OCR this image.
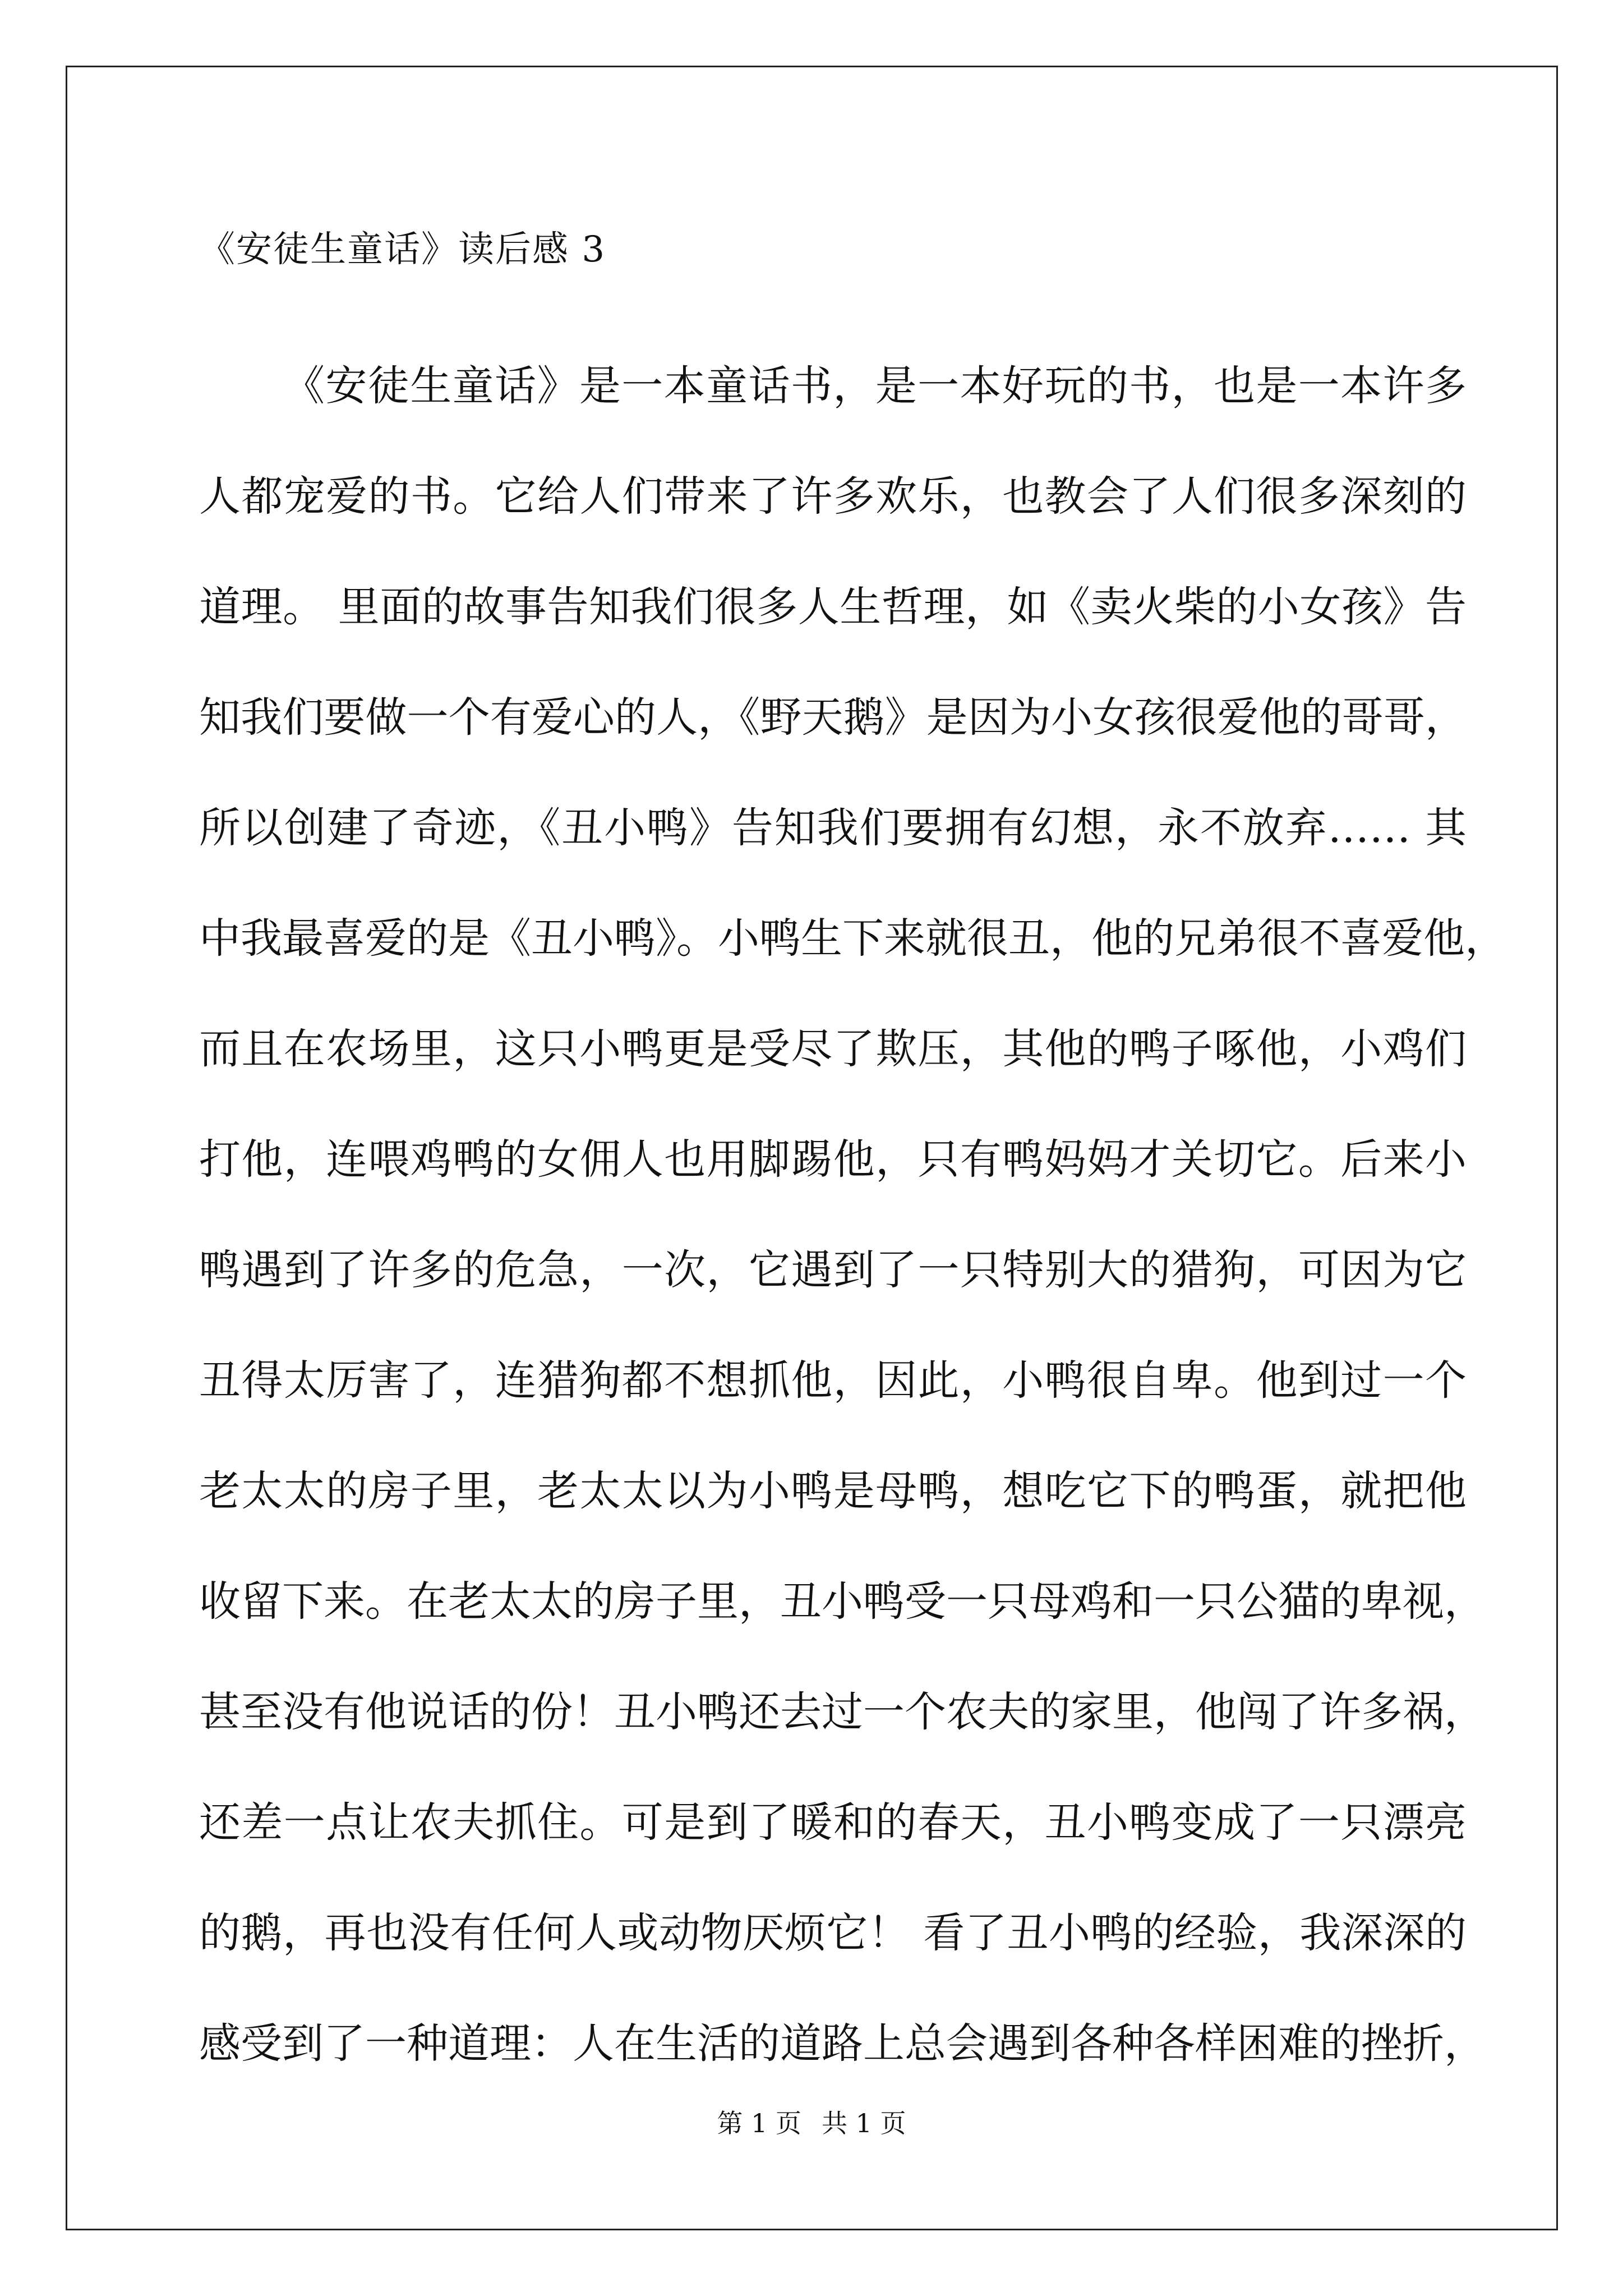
《安徒生童话》读后感 3
《安徒生童话》是一本童话书，是一本好玩的书，也是一本许多
人都宠爱的书。它给人们带来了许多欢乐，也教会了人们很多深刻的
道理。 里面的故事告知我们很多人生哲理，如《卖火柴的小女孩》告
知我们要做一个有爱心的人，《野天鹅》是因为小女孩很爱他的哥哥，
所以创建了奇迹，《丑小鸭》告知我们要拥有幻想，永不放弃…… 其
中我最喜爱的是《丑小鸭》。小鸭生下来就很丑，他的兄弟很不喜爱他，
而且在农场里，这只小鸭更是受尽了欺压，其他的鸭子啄他，小鸡们
打他，连喂鸡鸭的女佣人也用脚踢他，只有鸭妈妈才关切它。后来小
鸭遇到了许多的危急，一次，它遇到了一只特别大的猎狗，可因为它
丑得太厉害了，连猎狗都不想抓他，因此，小鸭很自卑。他到过一个
老太太的房子里，老太太以为小鸭是母鸭，想吃它下的鸭蛋，就把他
收留下来。在老太太的房子里，丑小鸭受一只母鸡和一只公猫的卑视，
甚至没有他说话的份！丑小鸭还去过一个农夫的家里，他闯了许多祸，
还差一点让农夫抓住。可是到了暖和的春天，丑小鸭变成了一只漂亮
的鹅，再也没有任何人或动物厌烦它！ 看了丑小鸭的经验，我深深的
感受到了一种道理：人在生活的道路上总会遇到各种各样困难的挫折，
第 1 页 共 1 页
